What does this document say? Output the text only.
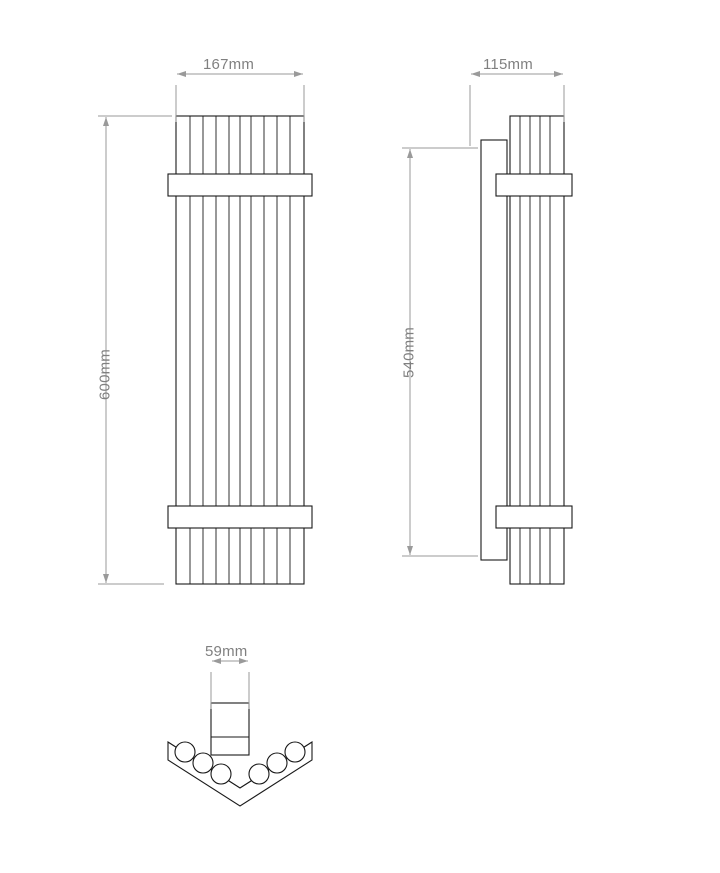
167mm
600mm
115mm
540mm
59mm
